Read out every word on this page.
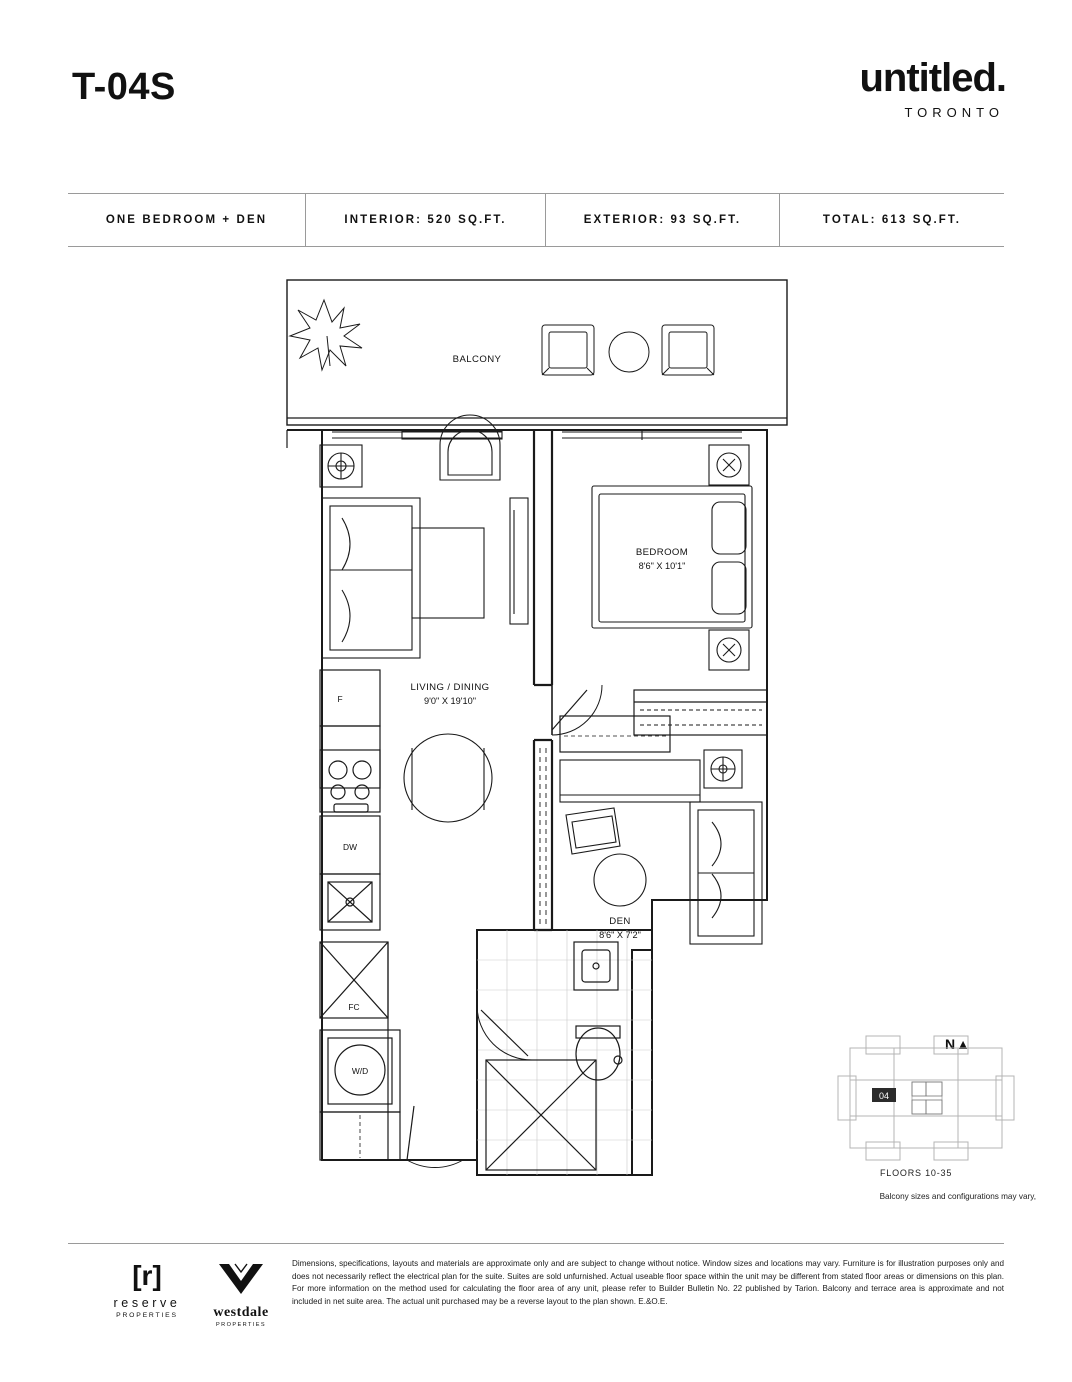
T-04S	untitled.
TORONTO
ONE BEDROOM + DEN	INTERIOR: 520 SQ.FT.	EXTERIOR: 93 SQ.FT.	TOTAL: 613 SQ.FT.
BALCONY
BEDROOM
8'6" X 10'1"
LIVING / DINING
9'0" X 19'10"
DEN
8'6" X 7'2"
F
DW
FC
W/D
N▲
04
FLOORS 10-35
Balcony sizes and configurations may vary,
[r]
reserve
PROPERTIES	westdale
PROPERTIES
Dimensions, specifications, layouts and materials are approximate only and are subject to change without notice. Window sizes and locations may vary. Furniture is for illustration purposes only and does not necessarily reflect the electrical plan for the suite. Suites are sold unfurnished. Actual useable floor space within the unit may be different from stated floor areas or dimensions on this plan. For more information on the method used for calculating the floor area of any unit, please refer to Builder Bulletin No. 22 published by Tarion. Balcony and terrace area is approximate and not included in net suite area. The actual unit purchased may be a reverse layout to the plan shown. E.&O.E.
